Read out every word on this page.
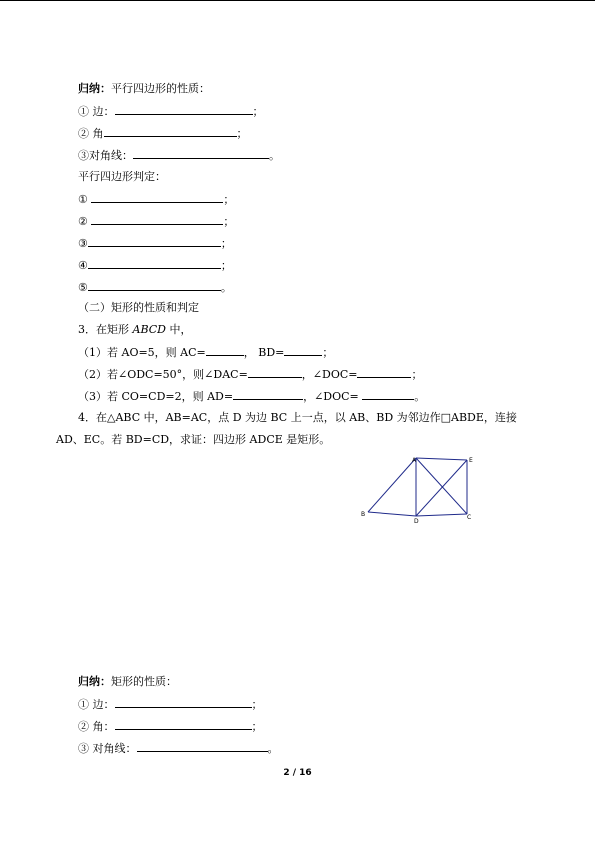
归纳：平行四边形的性质：
① 边：	；
② 角	；
③对角线：	。
平行四边形判定：
①	；
②	；
③	；
④	；
⑤	。
（二）矩形的性质和判定
3．在矩形 ABCD 中，
（1）若 AO=5，则 AC=	， BD=	；
（2）若∠ODC=50°，则∠DAC=	，∠DOC=	；
（3）若 CO=CD=2，则 AD=	，∠DOC=	。
4．在△ABC 中，AB=AC，点 D 为边 BC 上一点，以 AB、BD 为邻边作□ABDE，连接
AD、EC。若 BD=CD，求证：四边形 ADCE 是矩形。
A	E
B
D
C
归纳：矩形的性质：
① 边：	；
② 角：	；
③ 对角线：	。
2 / 16
